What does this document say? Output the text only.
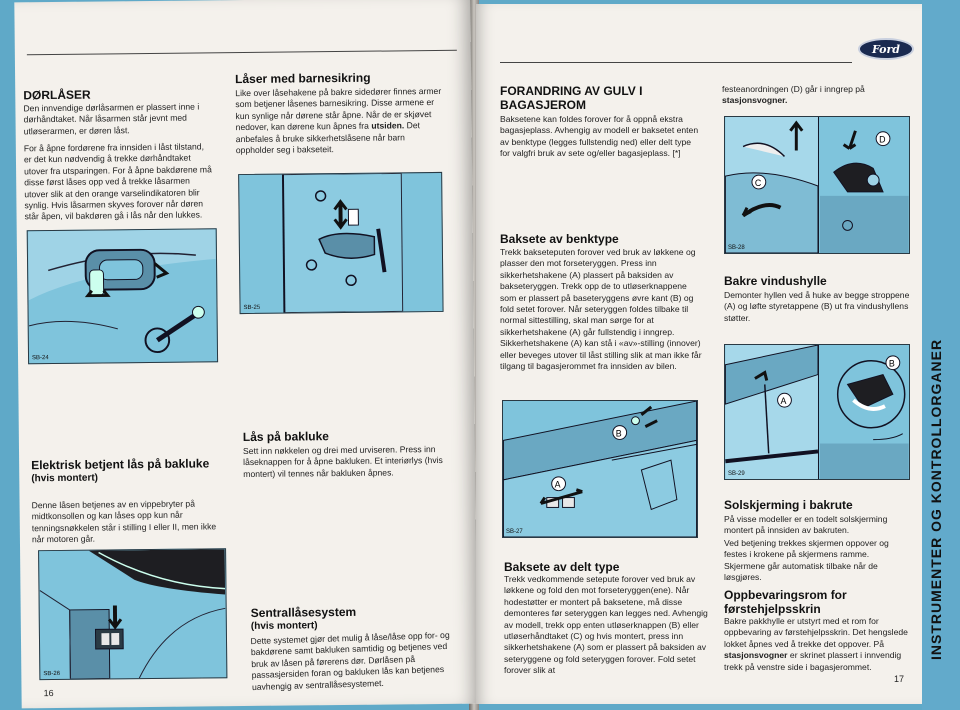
INSTRUMENTER OG KONTROLLORGANER
DØRLÅSER
Den innvendige dørlåsarmen er plassert inne i dørhåndtaket. Når låsarmen står jevnt med utløserarmen, er døren låst.
For å åpne fordørene fra innsiden i låst tilstand, er det kun nødvendig å trekke dørhåndtaket utover fra utsparingen. For å åpne bakdørene må disse først låses opp ved å trekke låsarmen utover slik at den orange varselindikatoren blir synlig. Hvis låsarmen skyves forover når døren står åpen, vil bakdøren gå i lås når den lukkes.
Låser med barnesikring
Like over låsehakene på bakre sidedører finnes armer som betjener låsenes barnesikring. Disse armene er kun synlige når dørene står åpne. Når de er skjøvet nedover, kan dørene kun åpnes fra utsiden. Det anbefales å bruke sikkerhetslåsene når barn oppholder seg i bakseteit.
SB-24
SB-25
Lås på bakluke
Sett inn nøkkelen og drei med urviseren. Press inn låseknappen for å åpne bakluken. Et interiørlys (hvis montert) vil tennes når bakluken åpnes.
Elektrisk betjent lås på bakluke
(hvis montert)
Denne låsen betjenes av en vippebryter på midtkonsollen og kan låses opp kun når tenningsnøkkelen står i stilling I eller II, men ikke når motoren går.
SB-26
Sentrallåsesystem
(hvis montert)
Dette systemet gjør det mulig å låse/låse opp for- og bakdørene samt bakluken samtidig og betjenes ved bruk av låsen på førerens dør. Dørlåsen på passasjersiden foran og bakluken lås kan betjenes uavhengig av sentrallåsesystemet.
16
Ford
FORANDRING AV GULV I BAGASJEROM
Baksetene kan foldes forover for å oppnå ekstra bagasjeplass. Avhengig av modell er baksetet enten av benktype (legges fullstendig ned) eller delt type for valgfri bruk av sete og/eller bagasjeplass. [*]
festeanordningen (D) går i inngrep på stasjonsvogner.
C
D
SB-28
Baksete av benktype
Trekk bakseteputen forover ved bruk av løkkene og plasser den mot forseteryggen. Press inn sikkerhetshakene (A) plassert på baksiden av bakseteryggen. Trekk opp de to utløserknappene som er plassert på baseteryggens øvre kant (B) og fold setet forover. Når seteryggen foldes tilbake til normal sittestilling, skal man sørge for at sikkerhetshakene (A) går fullstendig i inngrep. Sikkerhetshakene (A) kan stå i «av»-stilling (innover) eller beveges utover til låst stilling slik at man ikke får tilgang til bagasjerommet fra innsiden av bilen.
Bakre vindushylle
Demonter hyllen ved å huke av begge stroppene (A) og løfte styretappene (B) ut fra vindushyllens støtter.
A
B
SB-29
B
A
SB-27
Baksete av delt type
Trekk vedkommende setepute forover ved bruk av løkkene og fold den mot forseteryggen(ene). Når hodestøtter er montert på baksetene, må disse demonteres før seteryggen kan legges ned. Avhengig av modell, trekk opp enten utløserknappen (B) eller utløserhåndtaket (C) og hvis montert, press inn sikkerhetshakene (A) som er plassert på baksiden av seteryggene og fold seteryggen forover. Fold setet forover slik at
Solskjerming i bakrute
På visse modeller er en todelt solskjerming montert på innsiden av bakruten.
Ved betjening trekkes skjermen oppover og festes i krokene på skjermens ramme. Skjermene går automatisk tilbake når de løsgjøres.
Oppbevaringsrom for førstehjelpsskrin
Bakre pakkhylle er utstyrt med et rom for oppbevaring av førstehjelpsskrin. Det hengslede lokket åpnes ved å trekke det oppover. På stasjonsvogner er skrinet plassert i innvendig trekk på venstre side i bagasjerommet.
17
